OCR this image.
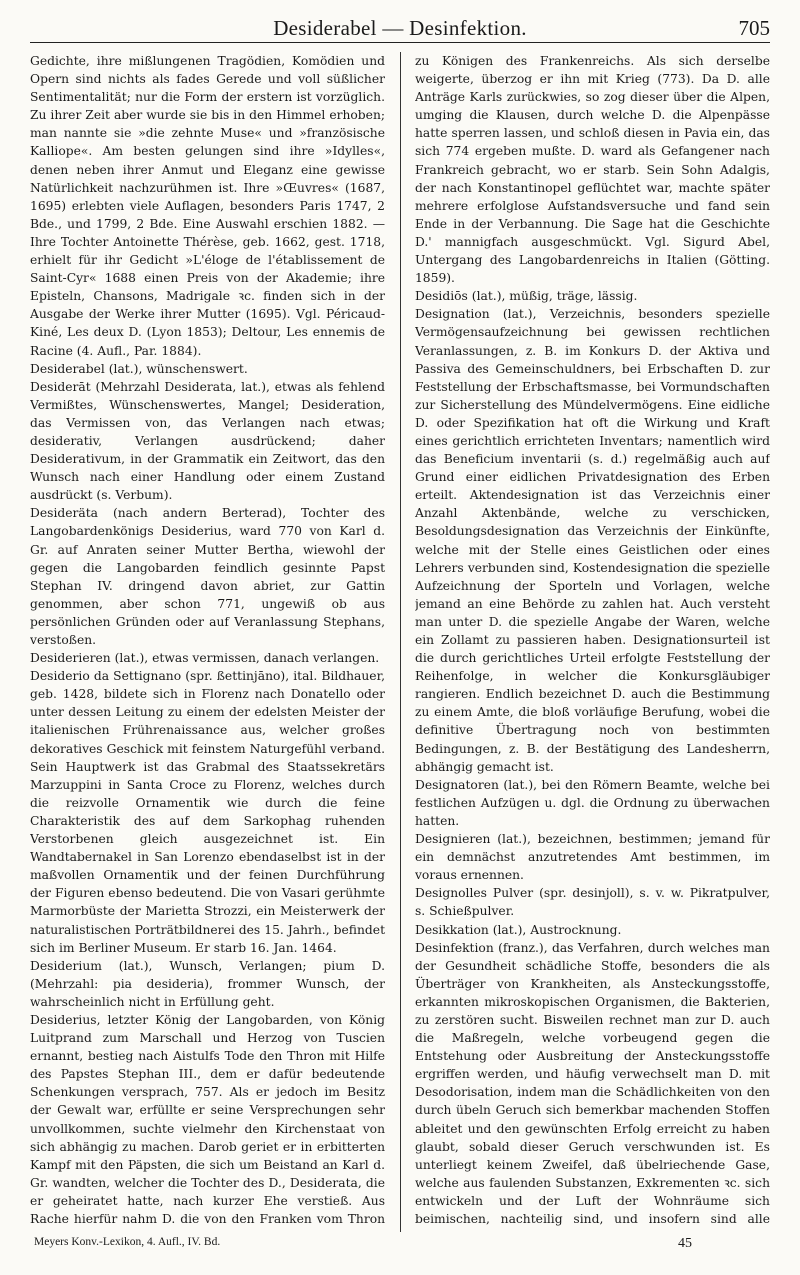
Desiderabel — Desinfektion.	705

Gedichte, ihre mißlungenen Tragödien, Komödien und Opern sind nichts als fades Gerede und voll süßlicher Sentimentalität; nur die Form der erstern ist vorzüglich. Zu ihrer Zeit aber wurde sie bis in den Himmel erhoben; man nannte sie »die zehnte Muse« und »französische Kalliope«. Am besten gelungen sind ihre »Idylles«, denen neben ihrer Anmut und Eleganz eine gewisse Natürlichkeit nachzurühmen ist. Ihre »Œuvres« (1687, 1695) erlebten viele Auflagen, besonders Paris 1747, 2 Bde., und 1799, 2 Bde. Eine Auswahl erschien 1882. — Ihre Tochter Antoinette Thérèse, geb. 1662, gest. 1718, erhielt für ihr Gedicht »L'éloge de l'établissement de Saint-Cyr« 1688 einen Preis von der Akademie; ihre Episteln, Chansons, Madrigale ꝛc. finden sich in der Ausgabe der Werke ihrer Mutter (1695). Vgl. Péricaud-Kiné, Les deux D. (Lyon 1853); Deltour, Les ennemis de Racine (4. Aufl., Par. 1884).

Desiderabel (lat.), wünschenswert.

Desiderāt (Mehrzahl Desiderata, lat.), etwas als fehlend Vermißtes, Wünschenswertes, Mangel; Desideration, das Vermissen von, das Verlangen nach etwas; desiderativ, Verlangen ausdrückend; daher Desiderativum, in der Grammatik ein Zeitwort, das den Wunsch nach einer Handlung oder einem Zustand ausdrückt (s. Verbum).

Desideräta (nach andern Berterad), Tochter des Langobardenkönigs Desiderius, ward 770 von Karl d. Gr. auf Anraten seiner Mutter Bertha, wiewohl der gegen die Langobarden feindlich gesinnte Papst Stephan IV. dringend davon abriet, zur Gattin genommen, aber schon 771, ungewiß ob aus persönlichen Gründen oder auf Veranlassung Stephans, verstoßen.

Desiderieren (lat.), etwas vermissen, danach verlangen.

Desiderio da Settignano (spr. ßettinjāno), ital. Bildhauer, geb. 1428, bildete sich in Florenz nach Donatello oder unter dessen Leitung zu einem der edelsten Meister der italienischen Frührenaissance aus, welcher großes dekoratives Geschick mit feinstem Naturgefühl verband. Sein Hauptwerk ist das Grabmal des Staatssekretärs Marzuppini in Santa Croce zu Florenz, welches durch die reizvolle Ornamentik wie durch die feine Charakteristik des auf dem Sarkophag ruhenden Verstorbenen gleich ausgezeichnet ist. Ein Wandtabernakel in San Lorenzo ebendaselbst ist in der maßvollen Ornamentik und der feinen Durchführung der Figuren ebenso bedeutend. Die von Vasari gerühmte Marmorbüste der Marietta Strozzi, ein Meisterwerk der naturalistischen Porträtbildnerei des 15. Jahrh., befindet sich im Berliner Museum. Er starb 16. Jan. 1464.

Desiderium (lat.), Wunsch, Verlangen; pium D. (Mehrzahl: pia desideria), frommer Wunsch, der wahrscheinlich nicht in Erfüllung geht.

Desiderius, letzter König der Langobarden, von König Luitprand zum Marschall und Herzog von Tuscien ernannt, bestieg nach Aistulfs Tode den Thron mit Hilfe des Papstes Stephan III., dem er dafür bedeutende Schenkungen versprach, 757. Als er jedoch im Besitz der Gewalt war, erfüllte er seine Versprechungen sehr unvollkommen, suchte vielmehr den Kirchenstaat von sich abhängig zu machen. Darob geriet er in erbitterten Kampf mit den Päpsten, die sich um Beistand an Karl d. Gr. wandten, welcher die Tochter des D., Desiderata, die er geheiratet hatte, nach kurzer Ehe verstieß. Aus Rache hierfür nahm D. die von den Franken vom Thron

zu Königen des Frankenreichs. Als sich derselbe weigerte, überzog er ihn mit Krieg (773). Da D. alle Anträge Karls zurückwies, so zog dieser über die Alpen, umging die Klausen, durch welche D. die Alpenpässe hatte sperren lassen, und schloß diesen in Pavia ein, das sich 774 ergeben mußte. D. ward als Gefangener nach Frankreich gebracht, wo er starb. Sein Sohn Adalgis, der nach Konstantinopel geflüchtet war, machte später mehrere erfolglose Aufstandsversuche und fand sein Ende in der Verbannung. Die Sage hat die Geschichte D.' mannigfach ausgeschmückt. Vgl. Sigurd Abel, Untergang des Langobardenreichs in Italien (Götting. 1859).

Desidiōs (lat.), müßig, träge, lässig.

Designation (lat.), Verzeichnis, besonders spezielle Vermögensaufzeichnung bei gewissen rechtlichen Veranlassungen, z. B. im Konkurs D. der Aktiva und Passiva des Gemeinschuldners, bei Erbschaften D. zur Feststellung der Erbschaftsmasse, bei Vormundschaften zur Sicherstellung des Mündelvermögens. Eine eidliche D. oder Spezifikation hat oft die Wirkung und Kraft eines gerichtlich errichteten Inventars; namentlich wird das Beneficium inventarii (s. d.) regelmäßig auch auf Grund einer eidlichen Privatdesignation des Erben erteilt. Aktendesignation ist das Verzeichnis einer Anzahl Aktenbände, welche zu verschicken, Besoldungsdesignation das Verzeichnis der Einkünfte, welche mit der Stelle eines Geistlichen oder eines Lehrers verbunden sind, Kostendesignation die spezielle Aufzeichnung der Sporteln und Vorlagen, welche jemand an eine Behörde zu zahlen hat. Auch versteht man unter D. die spezielle Angabe der Waren, welche ein Zollamt zu passieren haben. Designationsurteil ist die durch gerichtliches Urteil erfolgte Feststellung der Reihenfolge, in welcher die Konkursgläubiger rangieren. Endlich bezeichnet D. auch die Bestimmung zu einem Amte, die bloß vorläufige Berufung, wobei die definitive Übertragung noch von bestimmten Bedingungen, z. B. der Bestätigung des Landesherrn, abhängig gemacht ist.

Designatoren (lat.), bei den Römern Beamte, welche bei festlichen Aufzügen u. dgl. die Ordnung zu überwachen hatten.

Designieren (lat.), bezeichnen, bestimmen; jemand für ein demnächst anzutretendes Amt bestimmen, im voraus ernennen.

Designolles Pulver (spr. desinjoll), s. v. w. Pikratpulver, s. Schießpulver.

Desikkation (lat.), Austrocknung.

Desinfektion (franz.), das Verfahren, durch welches man der Gesundheit schädliche Stoffe, besonders die als Überträger von Krankheiten, als Ansteckungsstoffe, erkannten mikroskopischen Organismen, die Bakterien, zu zerstören sucht. Bisweilen rechnet man zur D. auch die Maßregeln, welche vorbeugend gegen die Entstehung oder Ausbreitung der Ansteckungsstoffe ergriffen werden, und häufig verwechselt man D. mit Desodorisation, indem man die Schädlichkeiten von den durch übeln Geruch sich bemerkbar machenden Stoffen ableitet und den gewünschten Erfolg erreicht zu haben glaubt, sobald dieser Geruch verschwunden ist. Es unterliegt keinem Zweifel, daß übelriechende Gase, welche aus faulenden Substanzen, Exkrementen ꝛc. sich entwickeln und der Luft der Wohnräume sich beimischen, nachteilig sind, und insofern sind alle

Meyers Konv.-Lexikon, 4. Aufl., IV. Bd.	45
